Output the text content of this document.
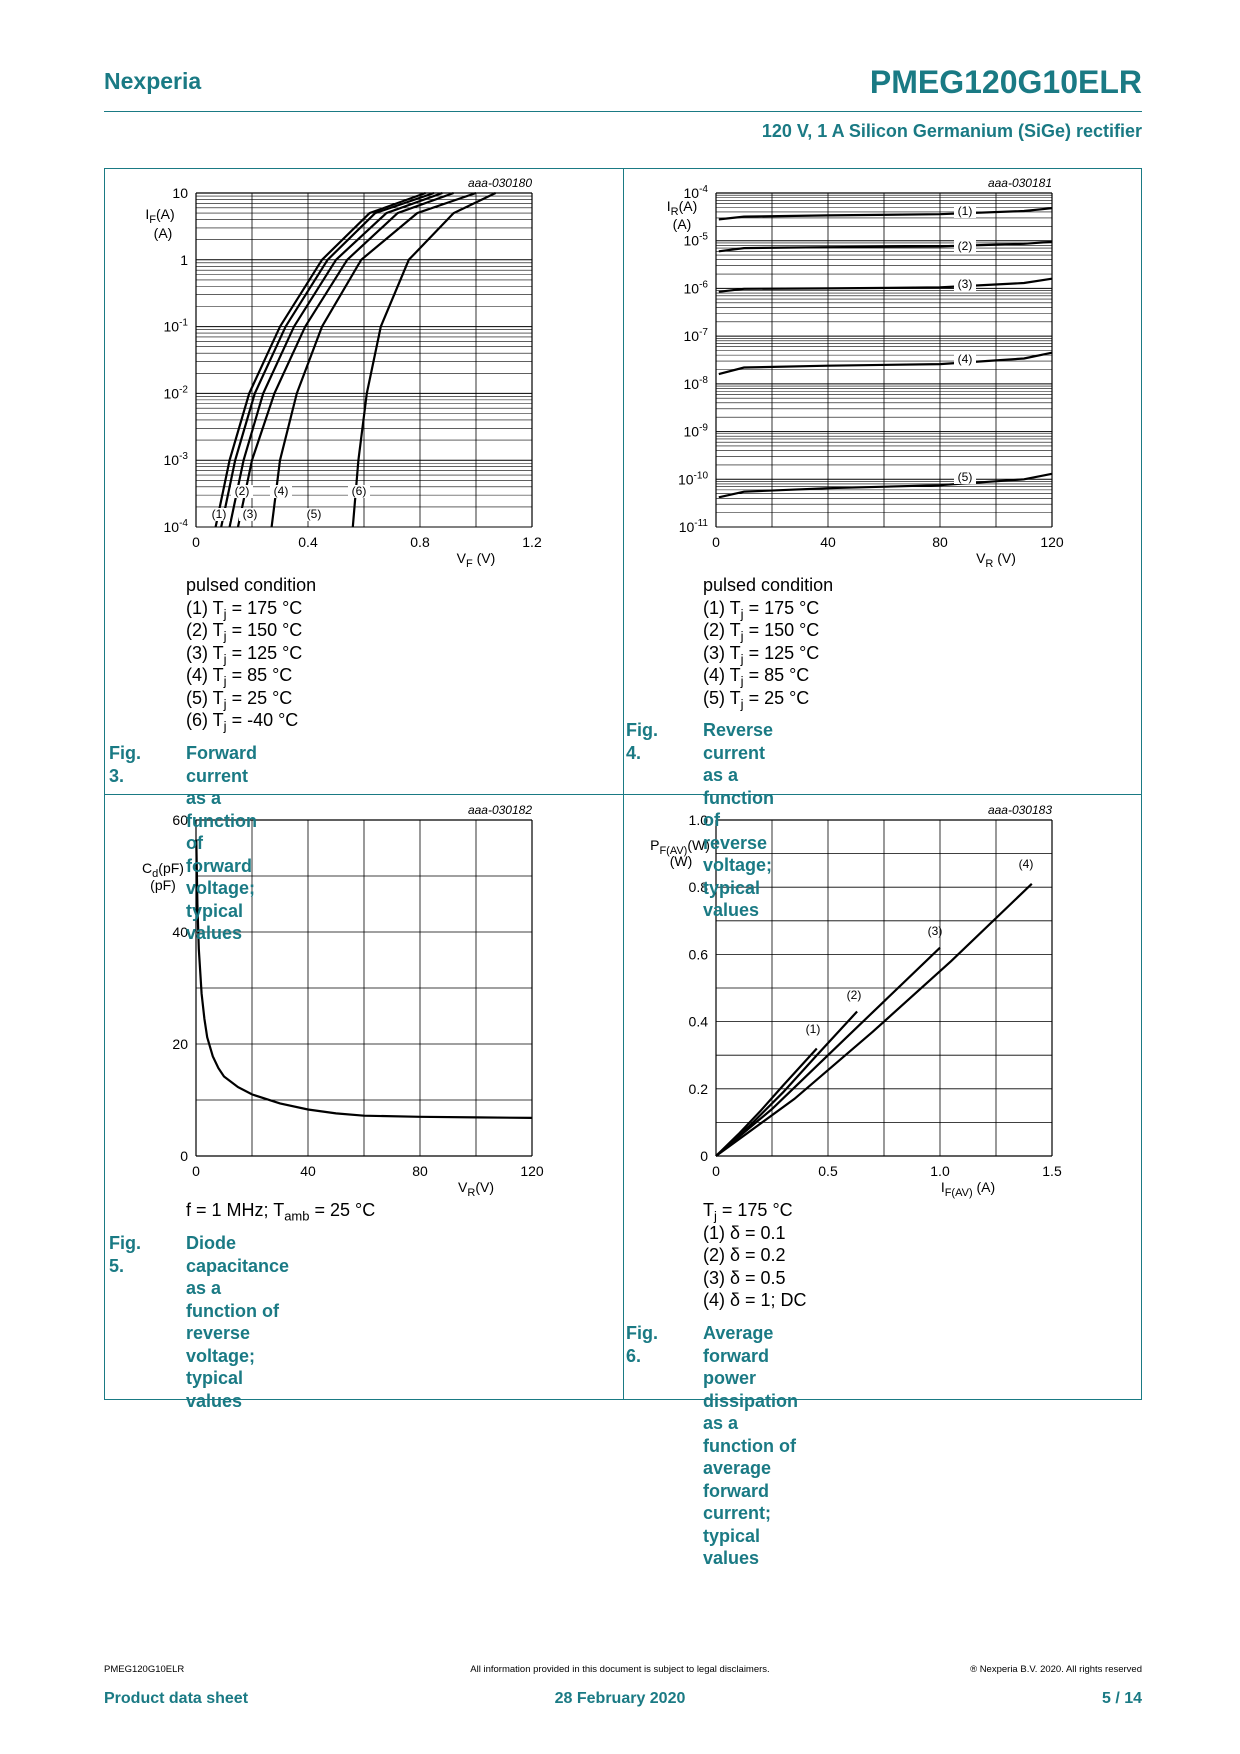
Nexperia	PMEG120G10ELR
120 V, 1 A Silicon Germanium (SiGe) rectifier
aaa-030180
0	0.4	0.8	1.2
$10^{-4}$
$10^{-3}$
$10^{-2}$
$10^{-1}$
1
10
$V_F$ (V)
$I_F(A)$
(A)
(1)
(2)
(3)
(4)
(5)
(6)
aaa-030181
0	40	80	120
$10^{-11}$
$10^{-10}$
$10^{-9}$
$10^{-8}$
$10^{-7}$
$10^{-6}$
$10^{-5}$
$10^{-4}$
$V_R$ (V)
$I_R(A)$
(A)
(1)
(2)
(3)
(4)
(5)
aaa-030182
0	40	80	120
0
20
40
60
$V_R(V)$
$C_d(pF)$
(pF)
aaa-030183
0	0.5	1.0	1.5
0
0.2
0.4
0.6
0.8
1.0
$I_{F(AV)}$ (A)
$P_{F(AV)}(W)$
(W)
(1)
(2)
(3)
(4)
pulsed condition
(1) $T_j = 175$ °C
(2) $T_j = 150$ °C
(3) $T_j = 125$ °C
(4) $T_j = 85$ °C
(5) $T_j = 25$ °C
(6) $T_j = -40$ °C
pulsed condition
(1) $T_j = 175$ °C
(2) $T_j = 150$ °C
(3) $T_j = 125$ °C
(4) $T_j = 85$ °C
(5) $T_j = 25$ °C
f = 1 MHz; $T_{amb} = 25$ °C	$T_j = 175$ °C
(1) δ = 0.1
(2) δ = 0.2
(3) δ = 0.5
(4) δ = 1; DC
Fig. 3.
Forward current as a function of forward
voltage; typical values
Fig. 4.
Reverse current as a function of reverse
voltage; typical values
Fig. 5.
Diode capacitance as a function of reverse
voltage; typical values
Fig. 6.
Average forward power dissipation as a
function of average forward current; typical
values
PMEG120G10ELR	All information provided in this document is subject to legal disclaimers.	® Nexperia B.V. 2020. All rights reserved
Product data sheet	28 February 2020	5 / 14
